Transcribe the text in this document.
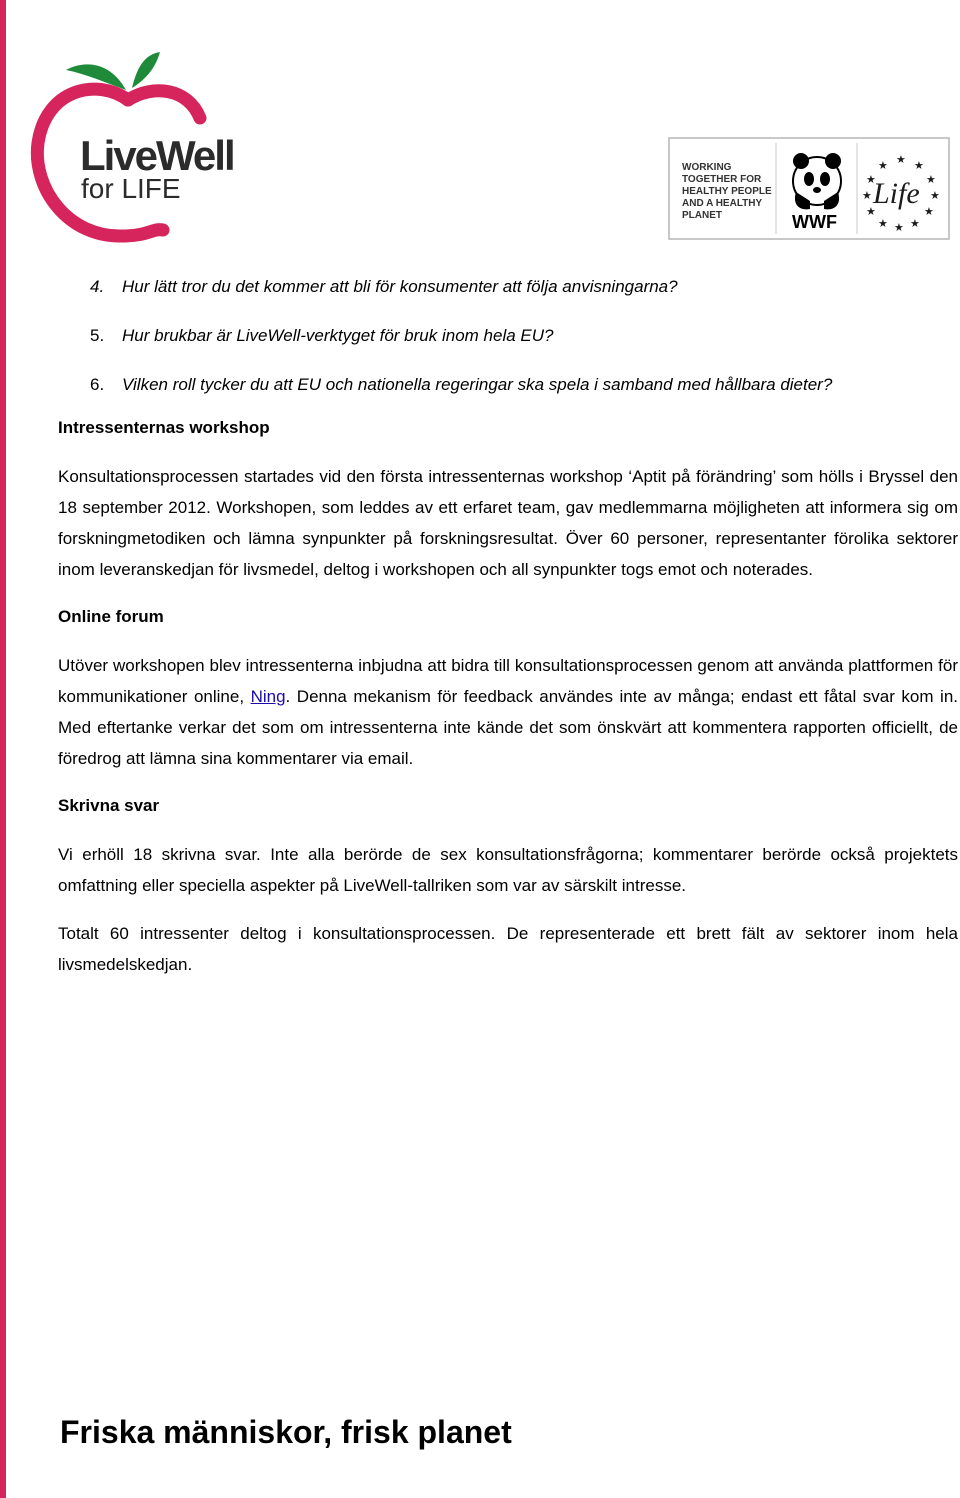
LiveWell
for LIFE
WORKING
TOGETHER FOR
HEALTHY PEOPLE
AND A HEALTHY
PLANET	WWF
★ ★
★
★
★
★
★
★
★
★
★
★
Life
4. Hur lätt tror du det kommer att bli för konsumenter att följa anvisningarna?
5. Hur brukbar är LiveWell-verktyget för bruk inom hela EU?
6. Vilken roll tycker du att EU och nationella regeringar ska spela i samband med hållbara dieter?
Intressenternas workshop

Konsultationsprocessen startades vid den första intressenternas workshop ‘Aptit på förändring’ som hölls i Bryssel den 18 september 2012. Workshopen, som leddes av ett erfaret team, gav medlemmarna möjligheten att informera sig om forskningmetodiken och lämna synpunkter på forskningsresultat. Över 60 personer, representanter förolika sektorer inom leveranskedjan för livsmedel, deltog i workshopen och all synpunkter togs emot och noterades.

Online forum

Utöver workshopen blev intressenterna inbjudna att bidra till konsultationsprocessen genom att använda plattformen för kommunikationer online, Ning. Denna mekanism för feedback användes inte av många; endast ett fåtal svar kom in. Med eftertanke verkar det som om intressenterna inte kände det som önskvärt att kommentera rapporten officiellt, de föredrog att lämna sina kommentarer via email.

Skrivna svar

Vi erhöll 18 skrivna svar. Inte alla berörde de sex konsultationsfrågorna; kommentarer berörde också projektets omfattning eller speciella aspekter på LiveWell-tallriken som var av särskilt intresse.

Totalt 60 intressenter deltog i konsultationsprocessen. De representerade ett brett fält av sektorer inom hela livsmedelskedjan.

Friska människor, frisk planet
